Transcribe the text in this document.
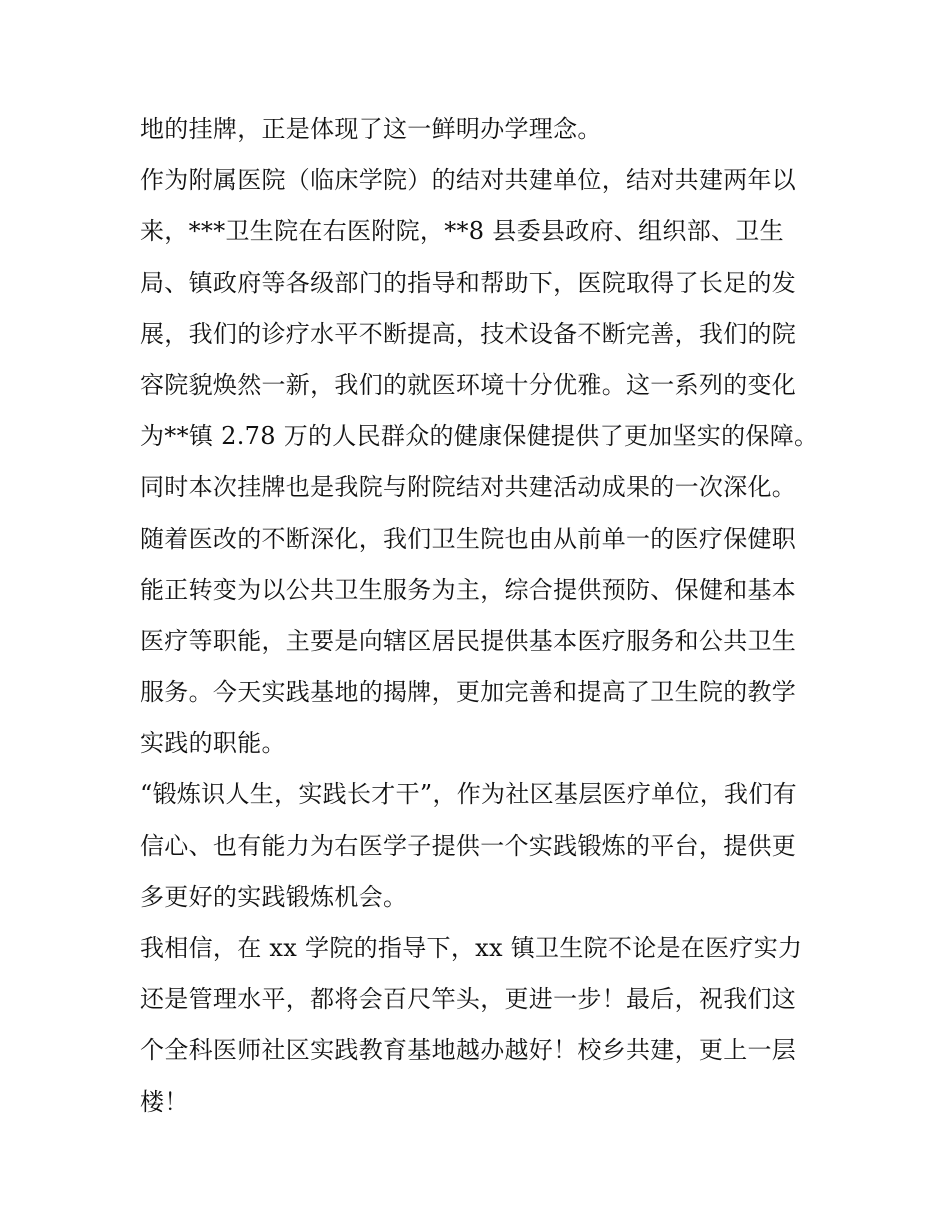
地的挂牌，正是体现了这一鲜明办学理念。
作为附属医院（临床学院）的结对共建单位，结对共建两年以
来，***卫生院在右医附院，**8 县委县政府、组织部、卫生
局、镇政府等各级部门的指导和帮助下，医院取得了长足的发
展，我们的诊疗水平不断提高，技术设备不断完善，我们的院
容院貌焕然一新，我们的就医环境十分优雅。这一系列的变化
为**镇 2.78 万的人民群众的健康保健提供了更加坚实的保障。
同时本次挂牌也是我院与附院结对共建活动成果的一次深化。
随着医改的不断深化，我们卫生院也由从前单一的医疗保健职
能正转变为以公共卫生服务为主，综合提供预防、保健和基本
医疗等职能，主要是向辖区居民提供基本医疗服务和公共卫生
服务。今天实践基地的揭牌，更加完善和提高了卫生院的教学
实践的职能。
“锻炼识人生，实践长才干”，作为社区基层医疗单位，我们有
信心、也有能力为右医学子提供一个实践锻炼的平台，提供更
多更好的实践锻炼机会。
我相信，在 xx 学院的指导下，xx 镇卫生院不论是在医疗实力
还是管理水平，都将会百尺竿头，更进一步！最后，祝我们这
个全科医师社区实践教育基地越办越好！校乡共建，更上一层
楼！
